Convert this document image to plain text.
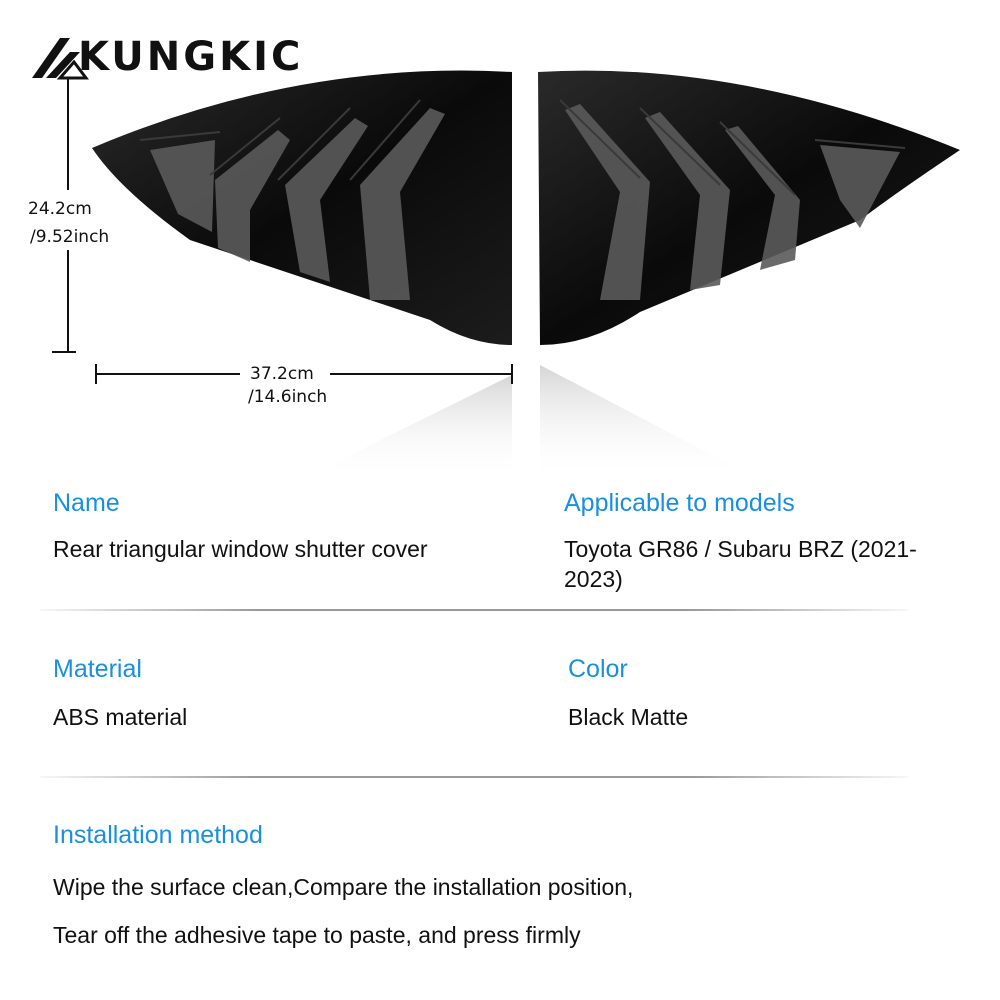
KUNGKIC
24.2cm
/9.52inch
37.2cm
/14.6inch
Name
Rear triangular window shutter cover
Applicable to models
Toyota GR86 / Subaru BRZ (2021-2023)
Material
ABS material
Color
Black Matte
Installation method
Wipe the surface clean,Compare the installation position,
Tear off the adhesive tape to paste, and press firmly
